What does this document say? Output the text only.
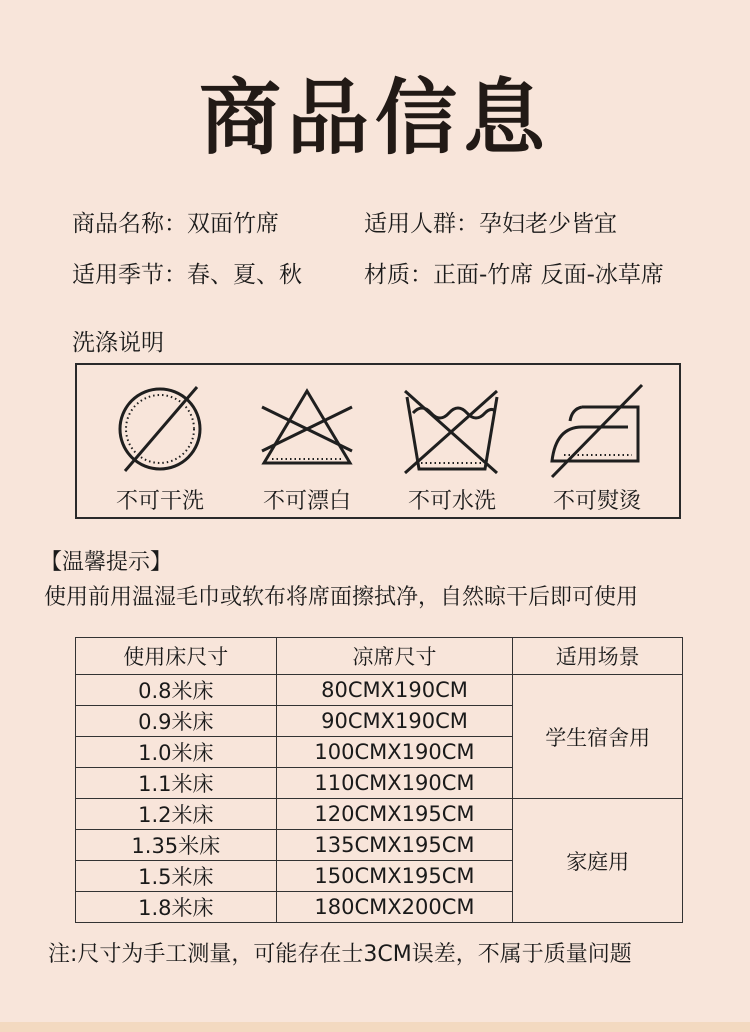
商品信息
商品名称：双面竹席	适用人群：孕妇老少皆宜
适用季节：春、夏、秋	材质：正面-竹席 反面-冰草席
洗涤说明
不可干洗	不可漂白	不可水洗	不可熨烫
【温馨提示】
使用前用温湿毛巾或软布将席面擦拭净，自然晾干后即可使用
使用床尺寸	凉席尺寸	适用场景
0.8米床	80CMX190CM	学生宿舍用
0.9米床	90CMX190CM	
1.0米床	100CMX190CM	
1.1米床	110CMX190CM	
1.2米床	120CMX195CM	家庭用
1.35米床	135CMX195CM	
1.5米床	150CMX195CM	
1.8米床	180CMX200CM	
注:尺寸为手工测量，可能存在士3CM误差，不属于质量问题
